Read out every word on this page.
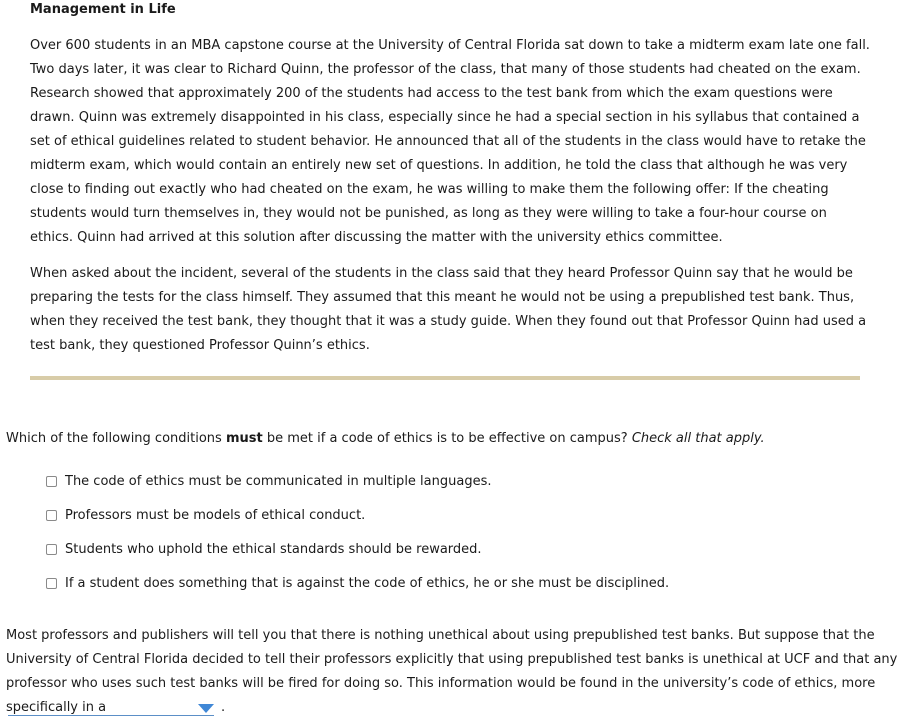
Management in Life

Over 600 students in an MBA capstone course at the University of Central Florida sat down to take a midterm exam late one fall. Two days later, it was clear to Richard Quinn, the professor of the class, that many of those students had cheated on the exam. Research showed that approximately 200 of the students had access to the test bank from which the exam questions were drawn. Quinn was extremely disappointed in his class, especially since he had a special section in his syllabus that contained a set of ethical guidelines related to student behavior. He announced that all of the students in the class would have to retake the midterm exam, which would contain an entirely new set of questions. In addition, he told the class that although he was very close to finding out exactly who had cheated on the exam, he was willing to make them the following offer: If the cheating students would turn themselves in, they would not be punished, as long as they were willing to take a four-hour course on ethics. Quinn had arrived at this solution after discussing the matter with the university ethics committee.

When asked about the incident, several of the students in the class said that they heard Professor Quinn say that he would be preparing the tests for the class himself. They assumed that this meant he would not be using a prepublished test bank. Thus, when they received the test bank, they thought that it was a study guide. When they found out that Professor Quinn had used a test bank, they questioned Professor Quinn’s ethics.

Which of the following conditions must be met if a code of ethics is to be effective on campus? Check all that apply.
The code of ethics must be communicated in multiple languages.
Professors must be models of ethical conduct.
Students who uphold the ethical standards should be rewarded.
If a student does something that is against the code of ethics, he or she must be disciplined.

Most professors and publishers will tell you that there is nothing unethical about using prepublished test banks. But suppose that the University of Central Florida decided to tell their professors explicitly that using prepublished test banks is unethical at UCF and that any professor who uses such test banks will be fired for doing so. This information would be found in the university’s code of ethics, more specifically in a	.
